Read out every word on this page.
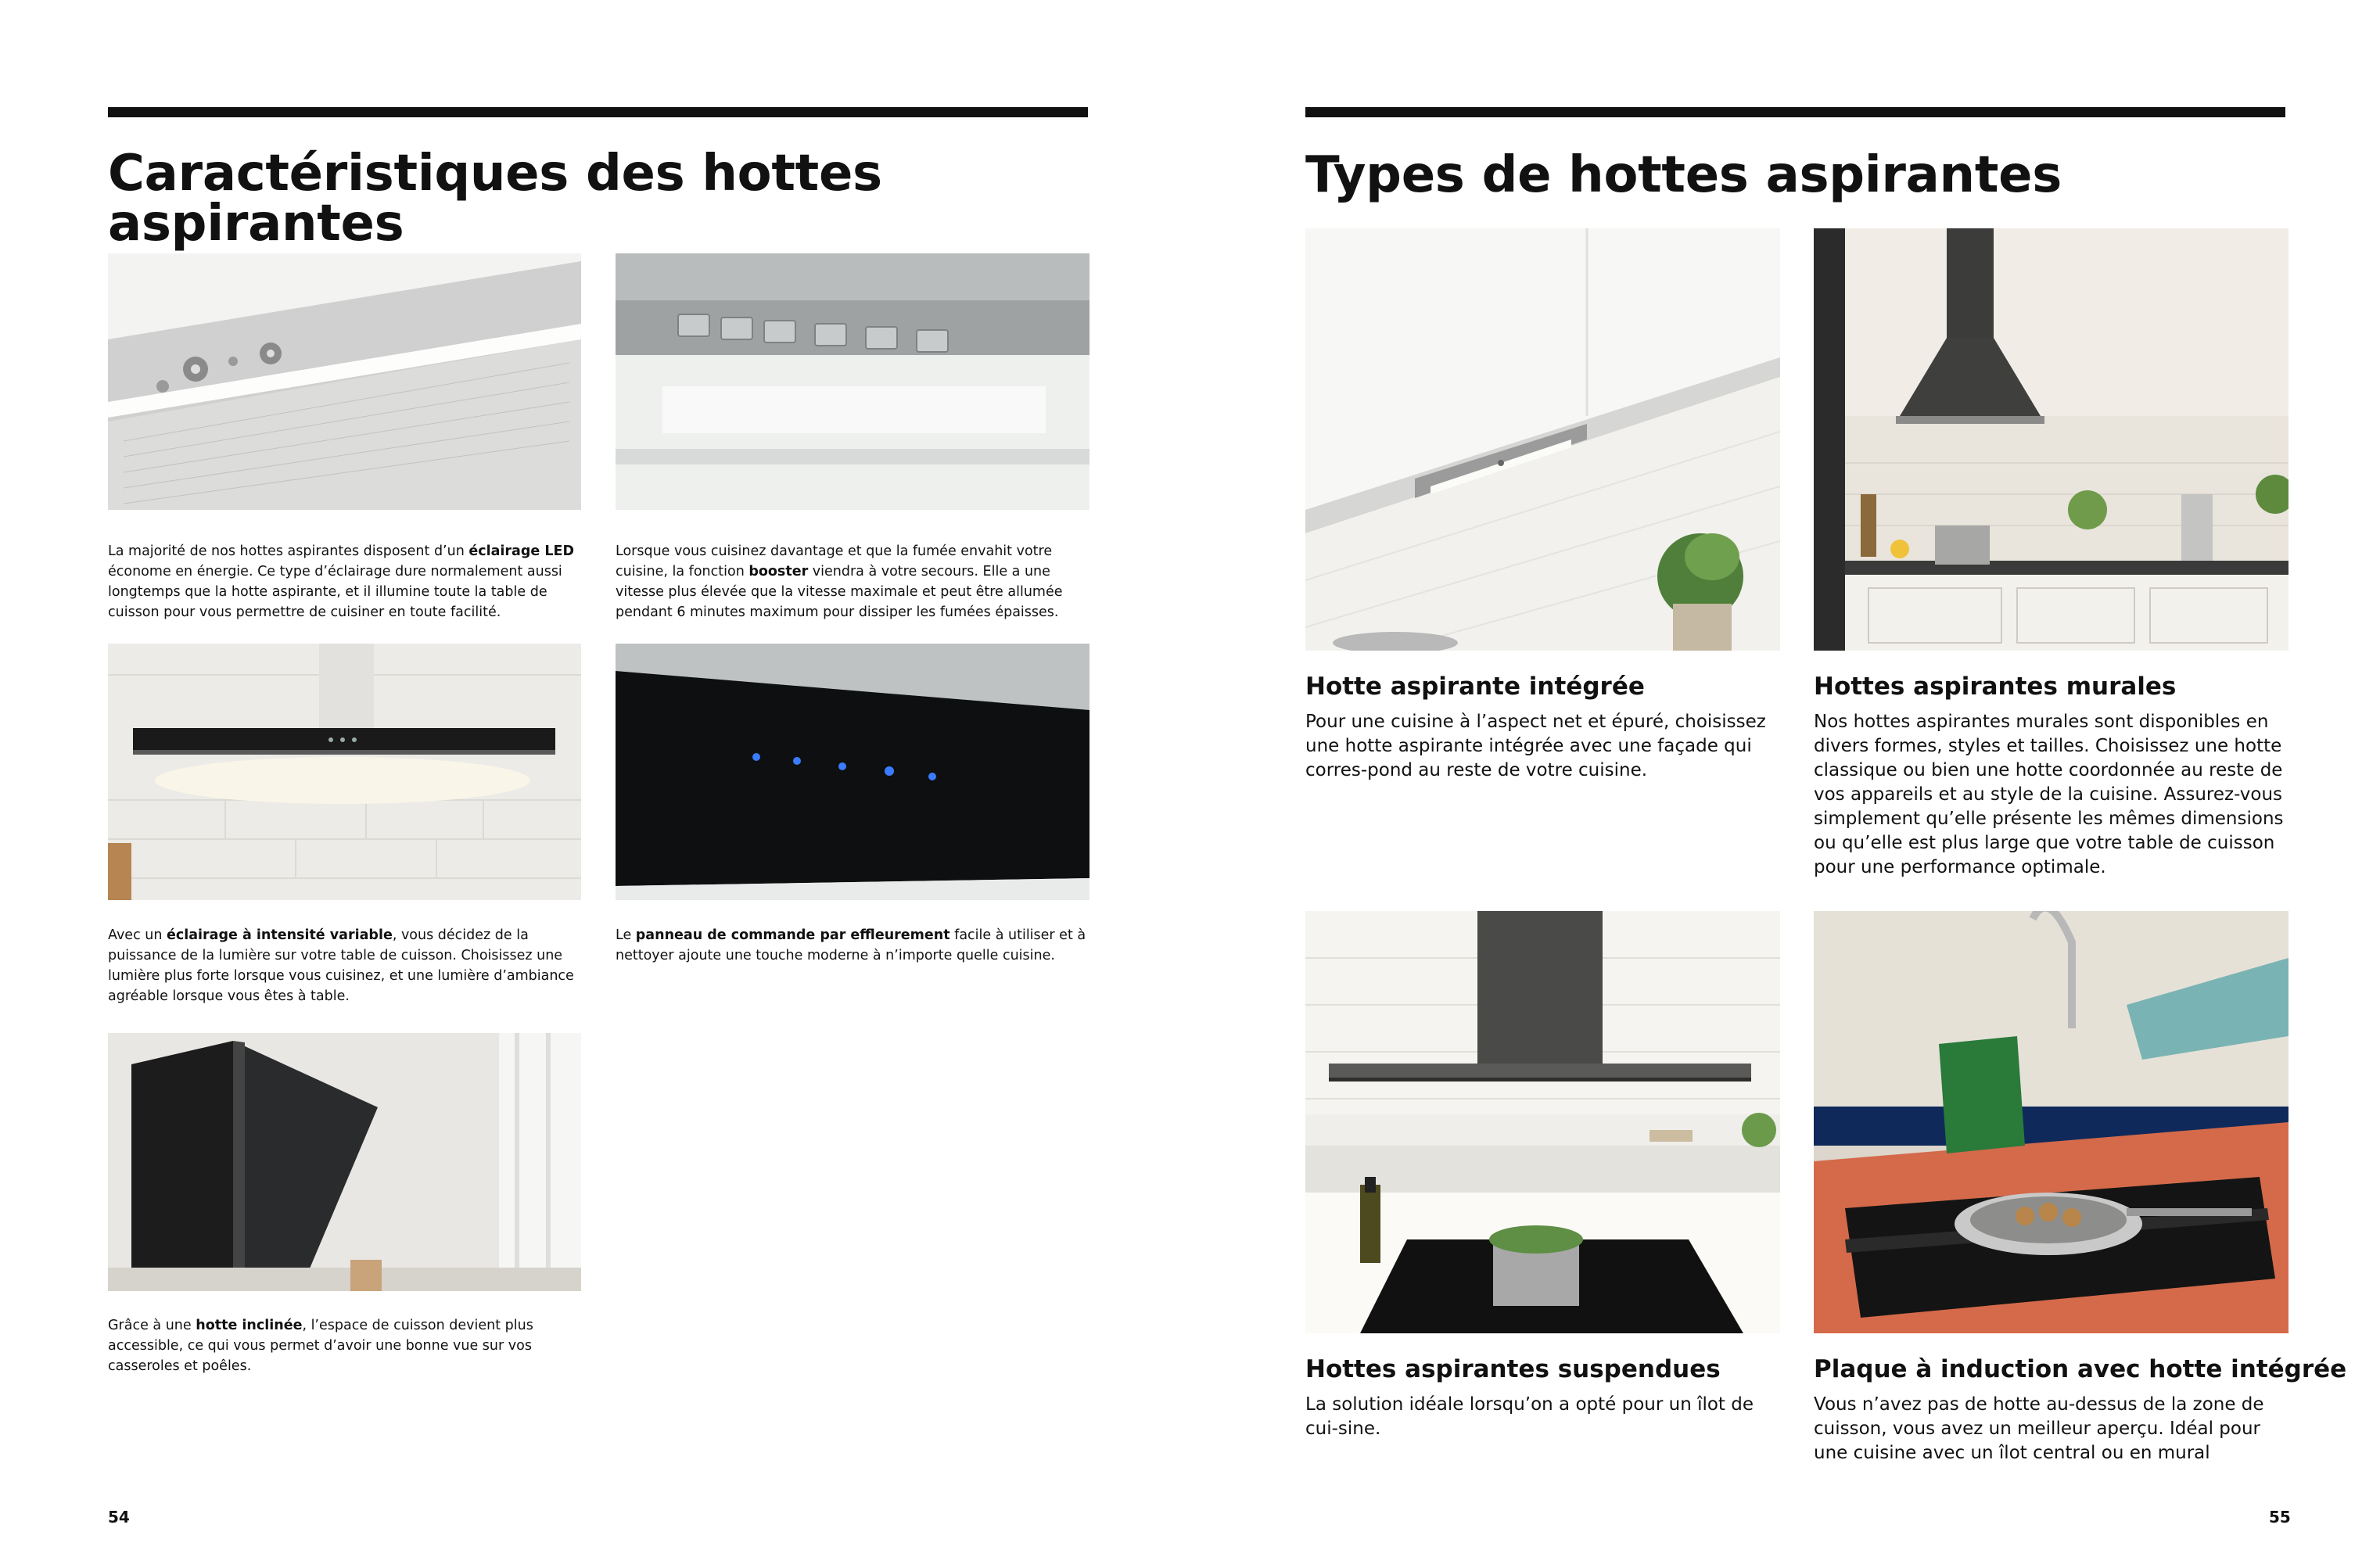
Caractéristiques des hottes
aspirantes

La majorité de nos hottes aspirantes disposent d’un éclairage LED économe en énergie. Ce type d’éclairage dure normalement aussi longtemps que la hotte aspirante, et il illumine toute la table de cuisson pour vous permettre de cuisiner en toute facilité.

Lorsque vous cuisinez davantage et que la fumée envahit votre cuisine, la fonction booster viendra à votre secours. Elle a une vitesse plus élevée que la vitesse maximale et peut être allumée pendant 6 minutes maximum pour dissiper les fumées épaisses.

Avec un éclairage à intensité variable, vous décidez de la puissance de la lumière sur votre table de cuisson. Choisissez une lumière plus forte lorsque vous cuisinez, et une lumière d’ambiance agréable lorsque vous êtes à table.

Le panneau de commande par effleurement facile à utiliser et à nettoyer ajoute une touche moderne à n’importe quelle cuisine.

Grâce à une hotte inclinée, l’espace de cuisson devient plus accessible, ce qui vous permet d’avoir une bonne vue sur vos casseroles et poêles.

54
Types de hottes aspirantes
Hotte aspirante intégrée

Pour une cuisine à l’aspect net et épuré, choisissez une hotte aspirante intégrée avec une façade qui corres-pond au reste de votre cuisine.

Hottes aspirantes murales

Nos hottes aspirantes murales sont disponibles en divers formes, styles et tailles. Choisissez une hotte classique ou bien une hotte coordonnée au reste de vos appareils et au style de la cuisine. Assurez-vous simplement qu’elle présente les mêmes dimensions ou qu’elle est plus large que votre table de cuisson pour une performance optimale.

Hottes aspirantes suspendues

La solution idéale lorsqu’on a opté pour un îlot de cui-sine.

Plaque à induction avec hotte intégrée

Vous n’avez pas de hotte au-dessus de la zone de cuisson, vous avez un meilleur aperçu. Idéal pour une cuisine avec un îlot central ou en mural

55
